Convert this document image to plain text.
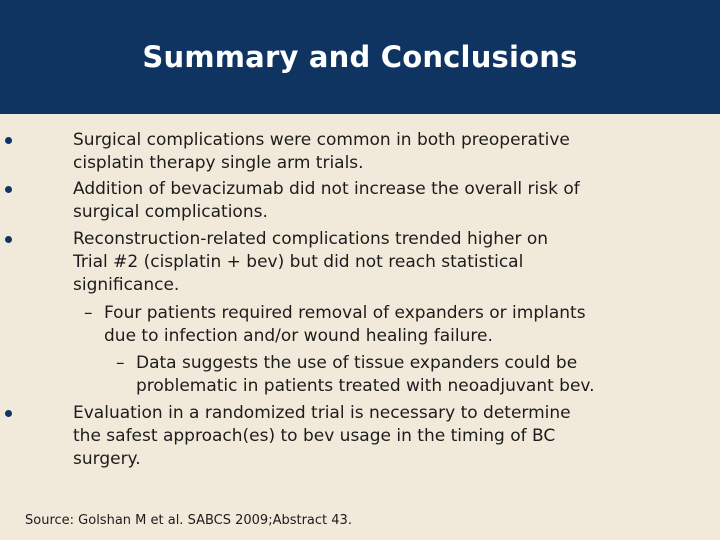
Summary and Conclusions
Surgical complications were common in both preoperative
cisplatin therapy single arm trials.
Addition of bevacizumab did not increase the overall risk of
surgical complications.
Reconstruction-related complications trended higher on
Trial #2 (cisplatin + bev) but did not reach statistical
significance.
– Four patients required removal of expanders or implants
due to infection and/or wound healing failure.
– Data suggests the use of tissue expanders could be
problematic in patients treated with neoadjuvant bev.
Evaluation in a randomized trial is necessary to determine
the safest approach(es) to bev usage in the timing of BC
surgery.
Source: Golshan M et al. SABCS 2009;Abstract 43.
